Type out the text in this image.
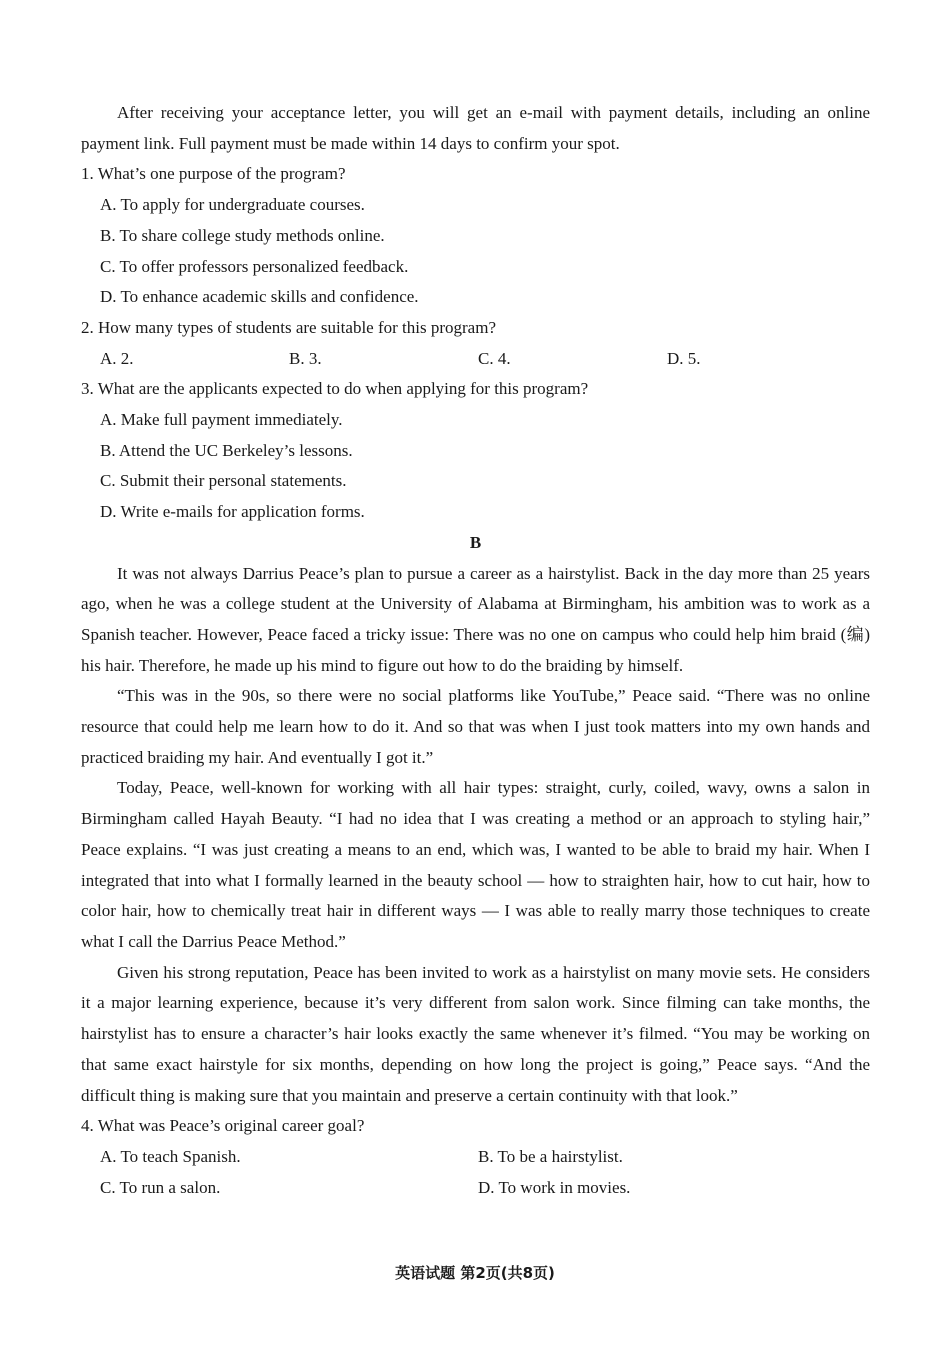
After receiving your acceptance letter, you will get an e-mail with payment details, including an online payment link. Full payment must be made within 14 days to confirm your spot.

1. What’s one purpose of the program?

A. To apply for undergraduate courses.

B. To share college study methods online.

C. To offer professors personalized feedback.

D. To enhance academic skills and confidence.

2. How many types of students are suitable for this program?

A. 2.	B. 3.	C. 4.	D. 5.

3. What are the applicants expected to do when applying for this program?

A. Make full payment immediately.

B. Attend the UC Berkeley’s lessons.

C. Submit their personal statements.

D. Write e-mails for application forms.

B

It was not always Darrius Peace’s plan to pursue a career as a hairstylist. Back in the day more than 25 years ago, when he was a college student at the University of Alabama at Birmingham, his ambition was to work as a Spanish teacher. However, Peace faced a tricky issue: There was no one on campus who could help him braid (编) his hair. Therefore, he made up his mind to figure out how to do the braiding by himself.

“This was in the 90s, so there were no social platforms like YouTube,” Peace said. “There was no online resource that could help me learn how to do it. And so that was when I just took matters into my own hands and practiced braiding my hair. And eventually I got it.”

Today, Peace, well-known for working with all hair types: straight, curly, coiled, wavy, owns a salon in Birmingham called Hayah Beauty. “I had no idea that I was creating a method or an approach to styling hair,” Peace explains. “I was just creating a means to an end, which was, I wanted to be able to braid my hair. When I integrated that into what I formally learned in the beauty school — how to straighten hair, how to cut hair, how to color hair, how to chemically treat hair in different ways — I was able to really marry those techniques to create what I call the Darrius Peace Method.”

Given his strong reputation, Peace has been invited to work as a hairstylist on many movie sets. He considers it a major learning experience, because it’s very different from salon work. Since filming can take months, the hairstylist has to ensure a character’s hair looks exactly the same whenever it’s filmed. “You may be working on that same exact hairstyle for six months, depending on how long the project is going,” Peace says. “And the difficult thing is making sure that you maintain and preserve a certain continuity with that look.”

4. What was Peace’s original career goal?

A. To teach Spanish.	B. To be a hairstylist.
C. To run a salon.	D. To work in movies.
英语试题 第2页(共8页)
